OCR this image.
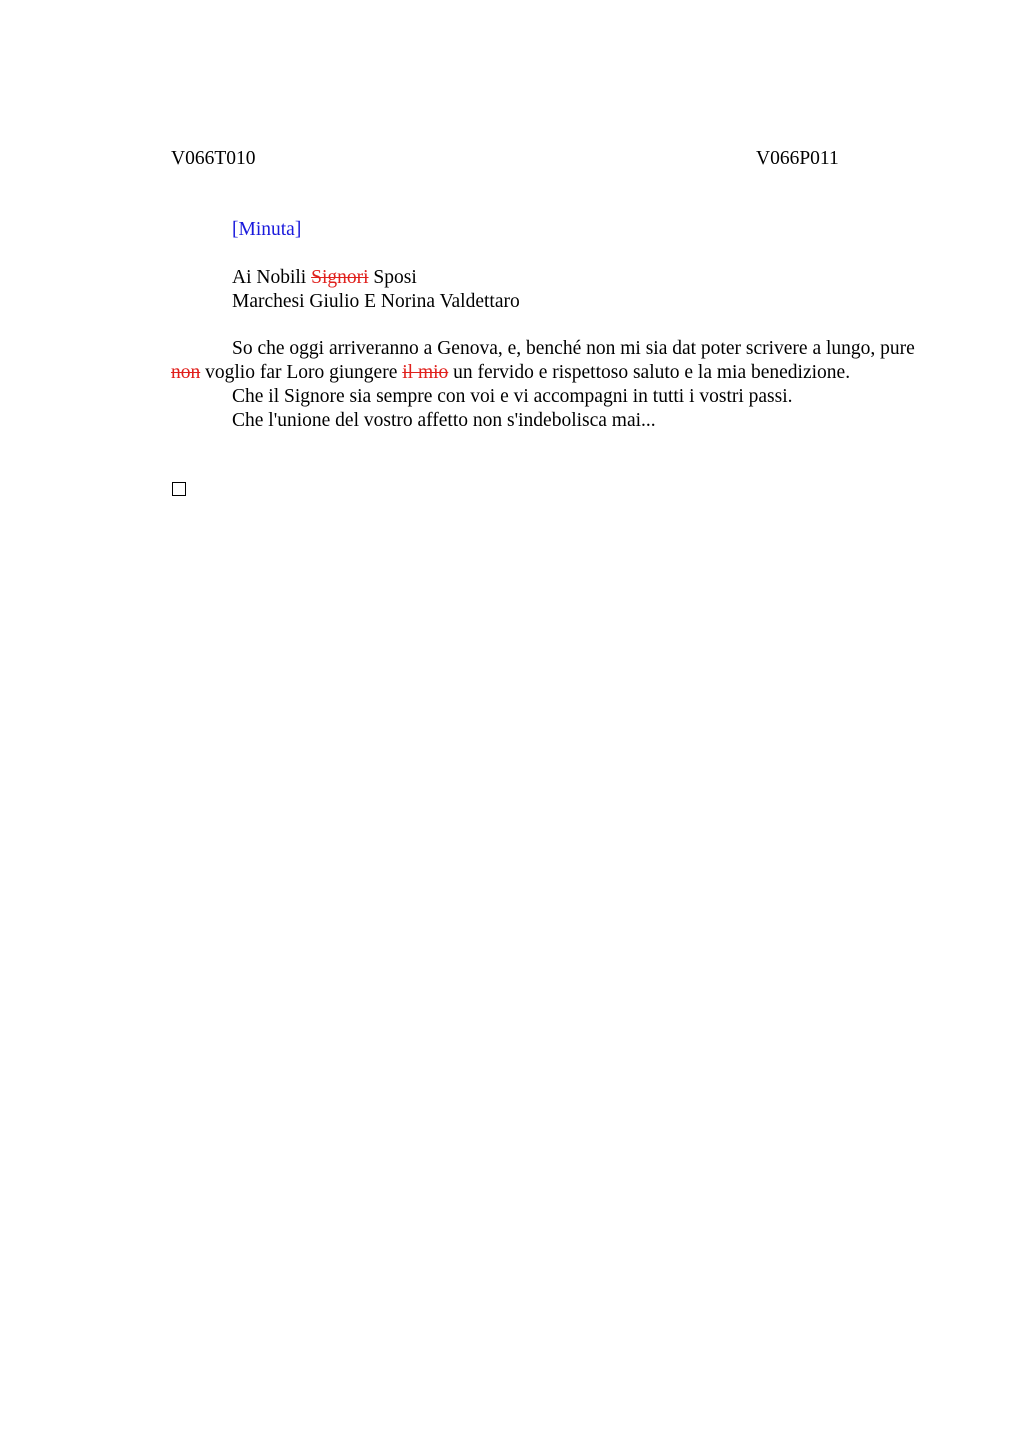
V066T010	V066P011
[Minuta]
Ai Nobili Signori Sposi
Marchesi Giulio E Norina Valdettaro

So che oggi arriveranno a Genova, e, benché non mi sia dat poter scrivere a lungo, pure non voglio far Loro giungere il mio un fervido e rispettoso saluto e la mia benedizione.

Che il Signore sia sempre con voi e vi accompagni in tutti i vostri passi.

Che l'unione del vostro affetto non s'indebolisca mai...
